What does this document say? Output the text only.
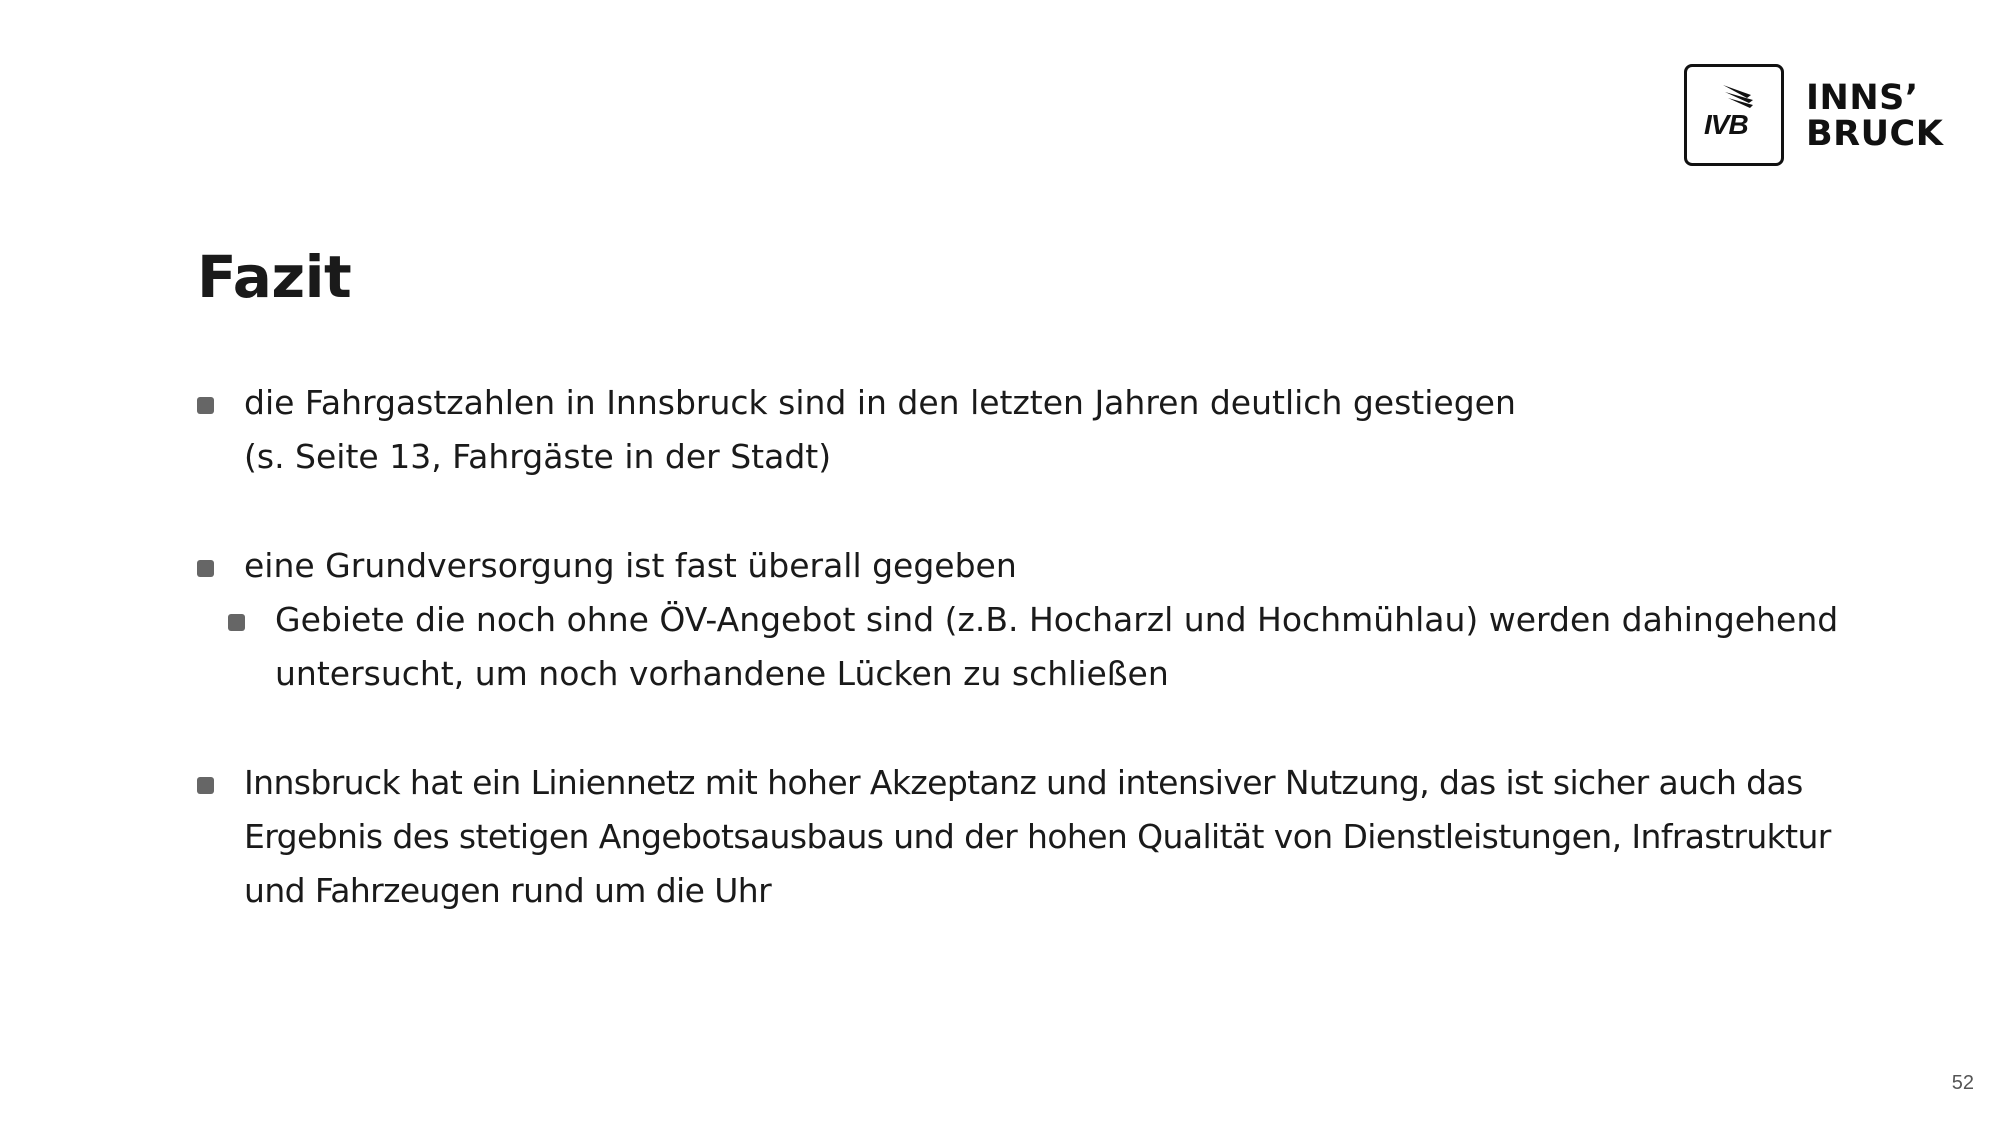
IVB
INNS’
BRUCK
Fazit
die Fahrgastzahlen in Innsbruck sind in den letzten Jahren deutlich gestiegen
(s. Seite 13, Fahrgäste in der Stadt)
eine Grundversorgung ist fast überall gegeben
Gebiete die noch ohne ÖV-Angebot sind (z.B. Hocharzl und Hochmühlau) werden dahingehend untersucht, um noch vorhandene Lücken zu schließen
Innsbruck hat ein Liniennetz mit hoher Akzeptanz und intensiver Nutzung, das ist sicher auch das
Ergebnis des stetigen Angebotsausbaus und der hohen Qualität von Dienstleistungen, Infrastruktur
und Fahrzeugen rund um die Uhr
52
